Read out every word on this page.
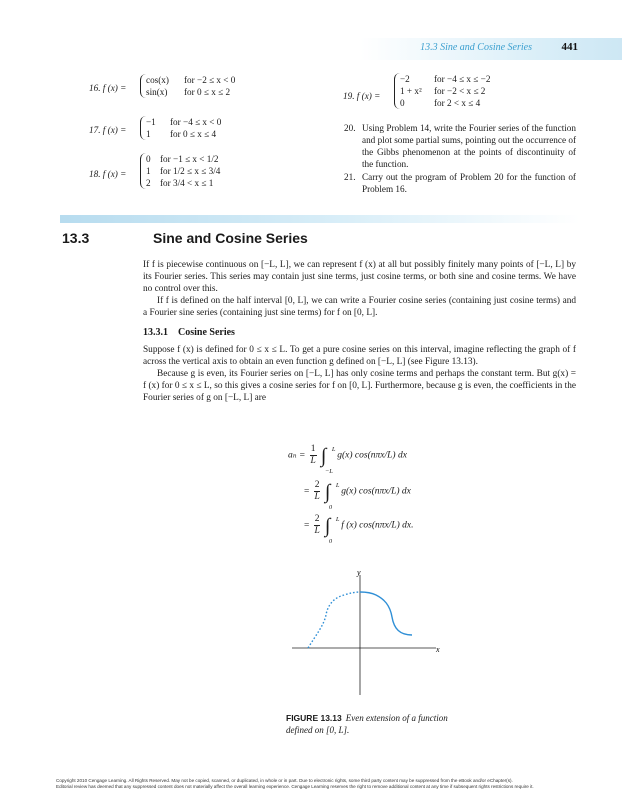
13.3 Sine and Cosine Series	441
16. f (x) =
cos(x)	for −2 ≤ x < 0
sin(x)	for 0 ≤ x ≤ 2
17. f (x) =
−1	for −4 ≤ x < 0
1	for 0 ≤ x ≤ 4
18. f (x) =
0	for −1 ≤ x < 1/2
1	for 1/2 ≤ x ≤ 3/4
2	for 3/4 < x ≤ 1
19. f (x) =
−2	for −4 ≤ x ≤ −2
1 + x²	for −2 < x ≤ 2
0	for 2 < x ≤ 4
20. Using Problem 14, write the Fourier series of the function and plot some partial sums, pointing out the occurrence of the Gibbs phenomenon at the points of discontinuity of the function.
21. Carry out the program of Problem 20 for the function of Problem 16.
13.3	Sine and Cosine Series
If f is piecewise continuous on [−L, L], we can represent f (x) at all but possibly finitely many points of [−L, L] by its Fourier series. This series may contain just sine terms, just cosine terms, or both sine and cosine terms. We have no control over this.
If f is defined on the half interval [0, L], we can write a Fourier cosine series (containing just cosine terms) and a Fourier sine series (containing just sine terms) for f on [0, L].
13.3.1 Cosine Series
Suppose f (x) is defined for 0 ≤ x ≤ L. To get a pure cosine series on this interval, imagine reflecting the graph of f across the vertical axis to obtain an even function g defined on [−L, L] (see Figure 13.13).
Because g is even, its Fourier series on [−L, L] has only cosine terms and perhaps the constant term. But g(x) = f (x) for 0 ≤ x ≤ L, so this gives a cosine series for f on [0, L]. Furthermore, because g is even, the coefficients in the Fourier series of g on [−L, L] are
$a_n = \frac{1}{L}$ ∫ L
−L
g(x) cos(nπx/L) dx
= $\frac{2}{L}$ ∫ L
0
g(x) cos(nπx/L) dx
= $\frac{2}{L}$ ∫ L
0
f (x) cos(nπx/L) dx.
y
x
FIGURE 13.13 Even extension of a function defined on [0, L].
Copyright 2010 Cengage Learning. All Rights Reserved. May not be copied, scanned, or duplicated, in whole or in part. Due to electronic rights, some third party content may be suppressed from the eBook and/or eChapter(s).
Editorial review has deemed that any suppressed content does not materially affect the overall learning experience. Cengage Learning reserves the right to remove additional content at any time if subsequent rights restrictions require it.
